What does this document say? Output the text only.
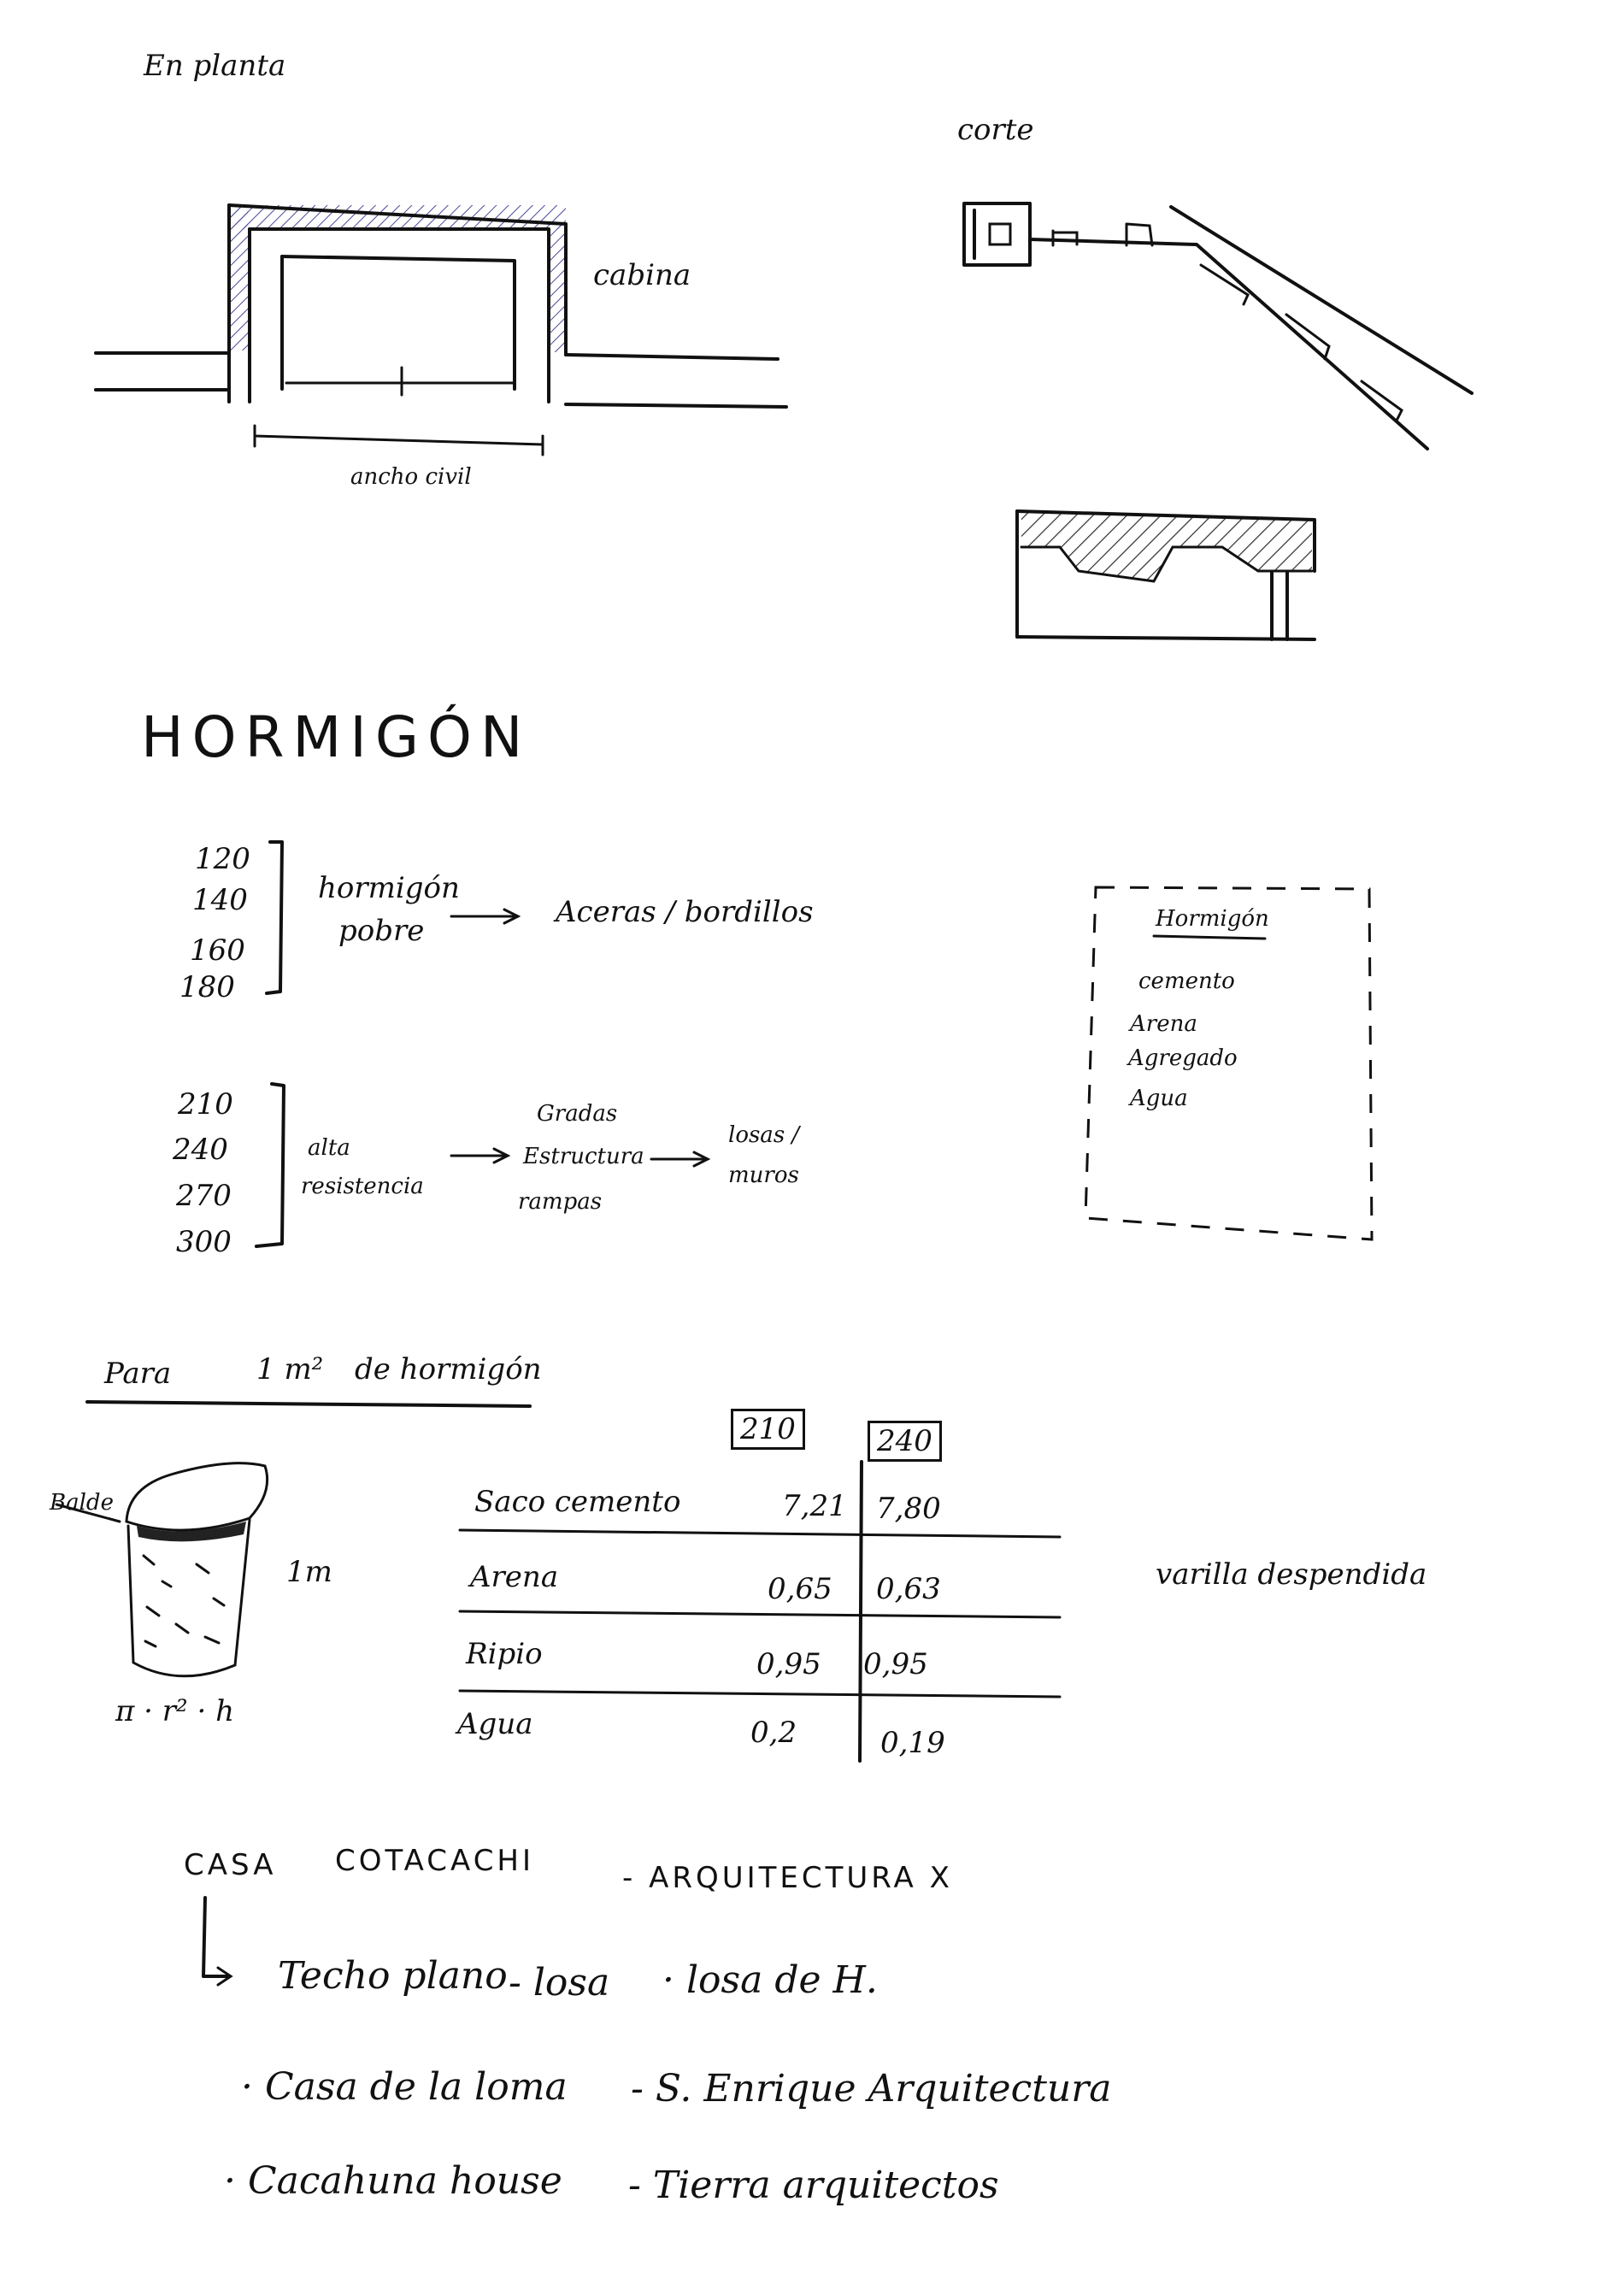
En planta
cabina
ancho civil
corte
HORMIGÓN
120
140
160
180
hormigón
pobre
Aceras / bordillos
210
240
270
300
alta
resistencia
Gradas
Estructura
rampas
losas /
muros
Hormigón
cemento
Arena
Agregado
Agua
Para	1 m² de hormigón
Balde
1m
π · r² · h
210	240
Saco cemento	7,21 7,80
Arena	0,65 0,63
Ripio	0,95 0,95
Agua	0,2	0,19
varilla despendida
CASA COTACACHI	- ARQUITECTURA X
Techo plano - losa · losa de H.
· Casa de la loma - S. Enrique Arquitectura
· Cacahuna house - Tierra arquitectos
